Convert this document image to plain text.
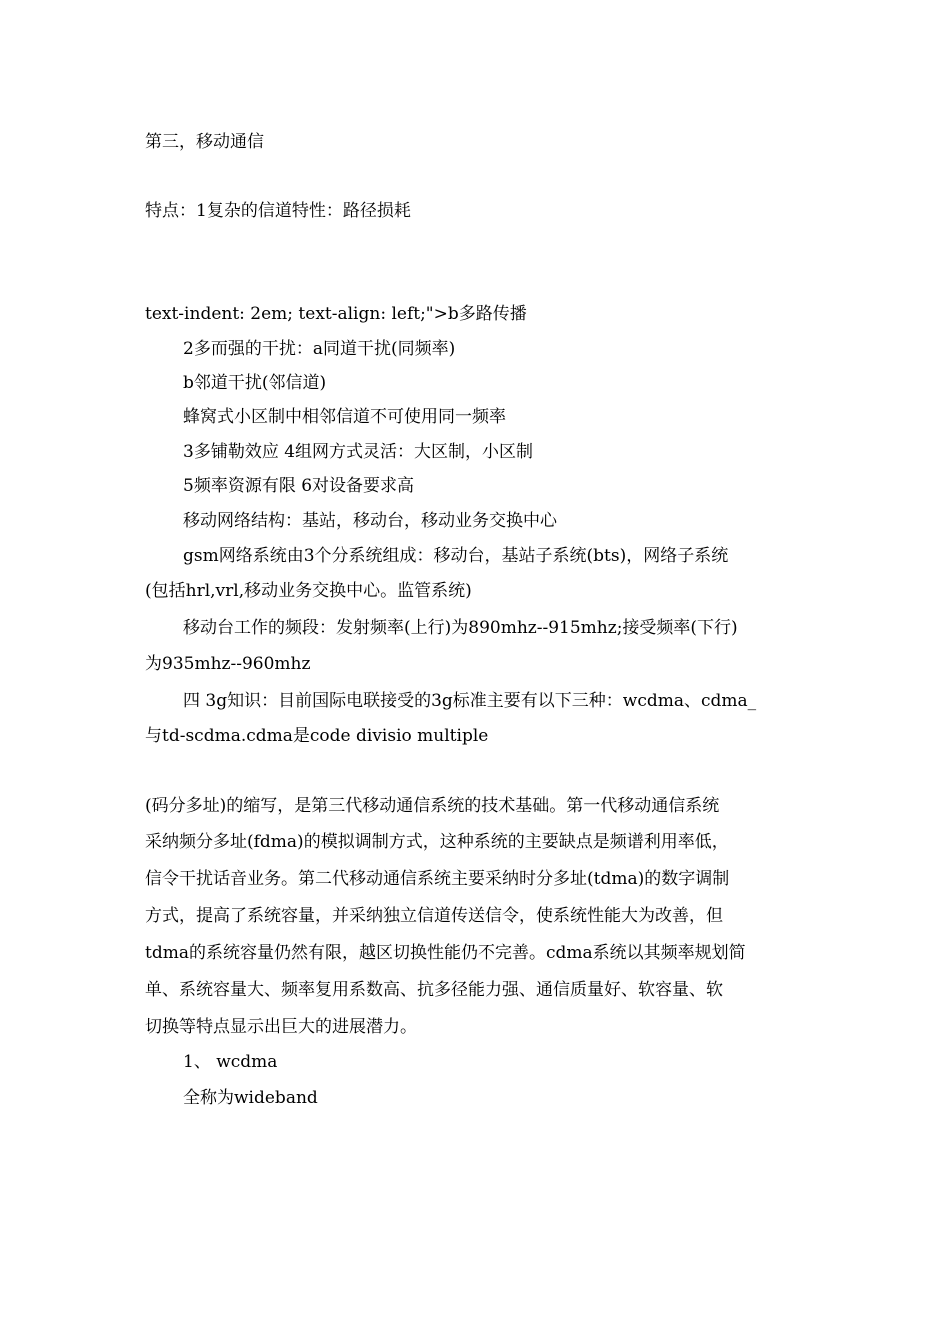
第三，移动通信
特点：1复杂的信道特性：路径损耗
text-indent: 2em; text-align: left;">b多路传播
2多而强的干扰：a同道干扰(同频率)
b邻道干扰(邻信道)
蜂窝式小区制中相邻信道不可使用同一频率
3多铺勒效应 4组网方式灵活：大区制，小区制
5频率资源有限 6对设备要求高
移动网络结构：基站，移动台，移动业务交换中心
gsm网络系统由3个分系统组成：移动台，基站子系统(bts)，网络子系统
(包括hrl,vrl,移动业务交换中心。监管系统)
移动台工作的频段：发射频率(上行)为890mhz--915mhz;接受频率(下行)
为935mhz--960mhz
四 3g知识：目前国际电联接受的3g标准主要有以下三种：wcdma、cdma_
与td-scdma.cdma是code divisio multiple
(码分多址)的缩写，是第三代移动通信系统的技术基础。第一代移动通信系统
采纳频分多址(fdma)的模拟调制方式，这种系统的主要缺点是频谱利用率低，
信令干扰话音业务。第二代移动通信系统主要采纳时分多址(tdma)的数字调制
方式，提高了系统容量，并采纳独立信道传送信令，使系统性能大为改善，但
tdma的系统容量仍然有限，越区切换性能仍不完善。cdma系统以其频率规划简
单、系统容量大、频率复用系数高、抗多径能力强、通信质量好、软容量、软
切换等特点显示出巨大的进展潜力。
1、 wcdma
全称为wideband
